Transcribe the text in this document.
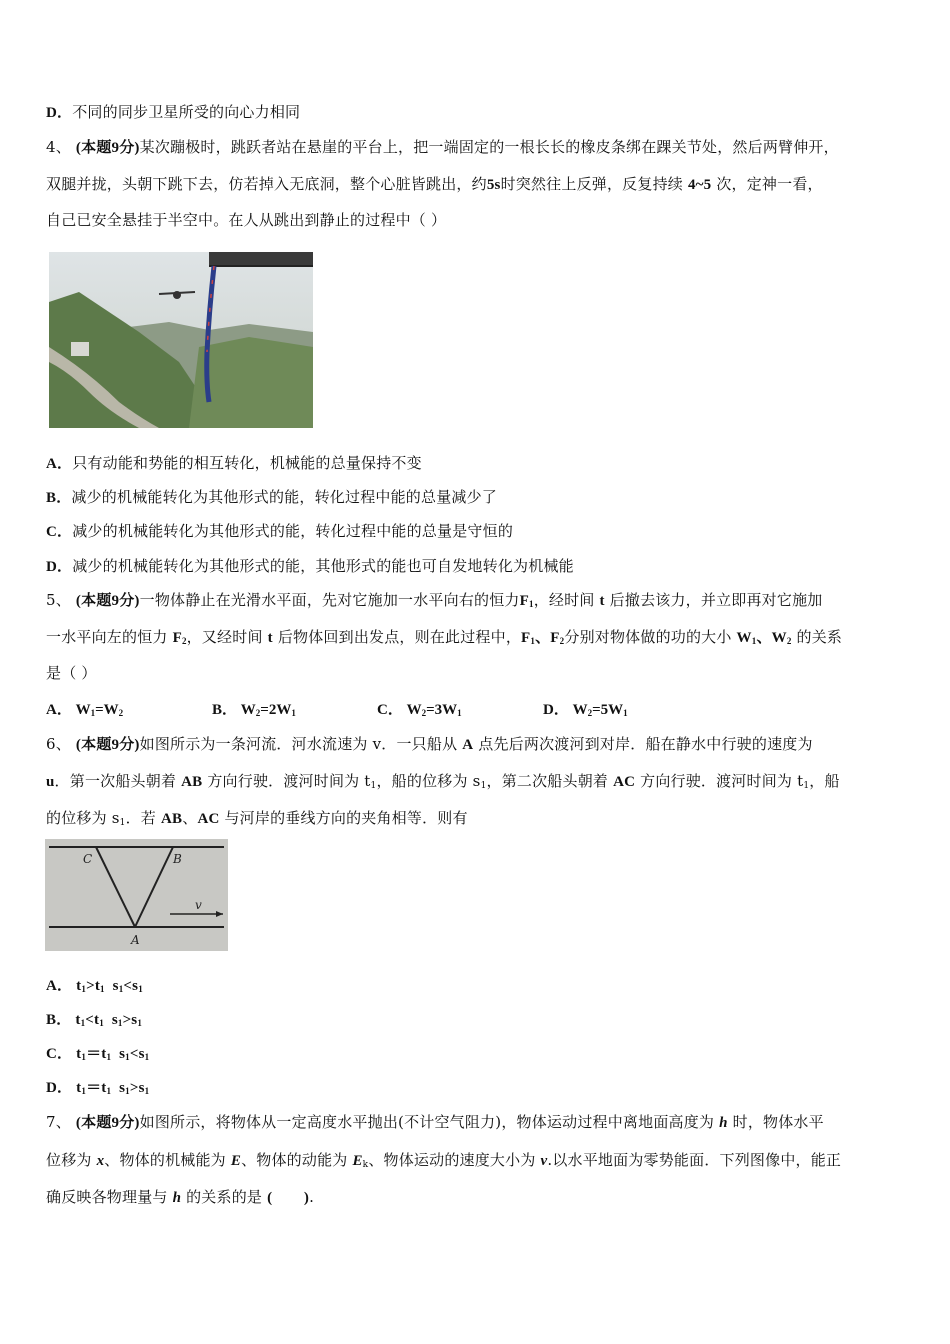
D．不同的同步卫星所受的向心力相同
4、 (本题9分)某次蹦极时，跳跃者站在悬崖的平台上，把一端固定的一根长长的橡皮条绑在踝关节处，然后两臂伸开，
双腿并拢，头朝下跳下去，仿若掉入无底洞，整个心脏皆跳出，约5s时突然往上反弹，反复持续 4~5 次，定神一看，
自己已安全悬挂于半空中。在人从跳出到静止的过程中（ ）
A．只有动能和势能的相互转化，机械能的总量保持不变
B．减少的机械能转化为其他形式的能，转化过程中能的总量减少了
C．减少的机械能转化为其他形式的能，转化过程中能的总量是守恒的
D．减少的机械能转化为其他形式的能，其他形式的能也可自发地转化为机械能
5、 (本题9分)一物体静止在光滑水平面，先对它施加一水平向右的恒力$F_1$，经时间 t 后撤去该力，并立即再对它施加
一水平向左的恒力 $F_2$，又经时间 t 后物体回到出发点，则在此过程中，$F_1$、$F_2$分别对物体做的功的大小 $W_1$、$W_2$ 的关系
是（ ）
A． $W_1=W_2$	B． $W_2=2W_1$	C． $W_2=3W_1$	D． $W_2=5W_1$
6、 (本题9分)如图所示为一条河流．河水流速为 v．一只船从 A 点先后两次渡河到对岸．船在静水中行驶的速度为
u．第一次船头朝着 AB 方向行驶．渡河时间为 $t_1$，船的位移为 $s_1$，第二次船头朝着 AC 方向行驶．渡河时间为 $t_1$，船
的位移为 $s_1$．若 AB、AC 与河岸的垂线方向的夹角相等．则有
C	B
A
v
A． $t_1>t_1$  $s_1<s_1$
B． $t_1<t_1$  $s_1>s_1$
C． $t_1=t_1$  $s_1<s_1$
D． $t_1=t_1$  $s_1>s_1$
7、 (本题9分)如图所示，将物体从一定高度水平抛出(不计空气阻力)，物体运动过程中离地面高度为 h 时，物体水平
位移为 x、物体的机械能为 E、物体的动能为 $E_k$、物体运动的速度大小为 v.以水平地面为零势能面．下列图像中，能正
确反映各物理量与 h 的关系的是 (        ).
